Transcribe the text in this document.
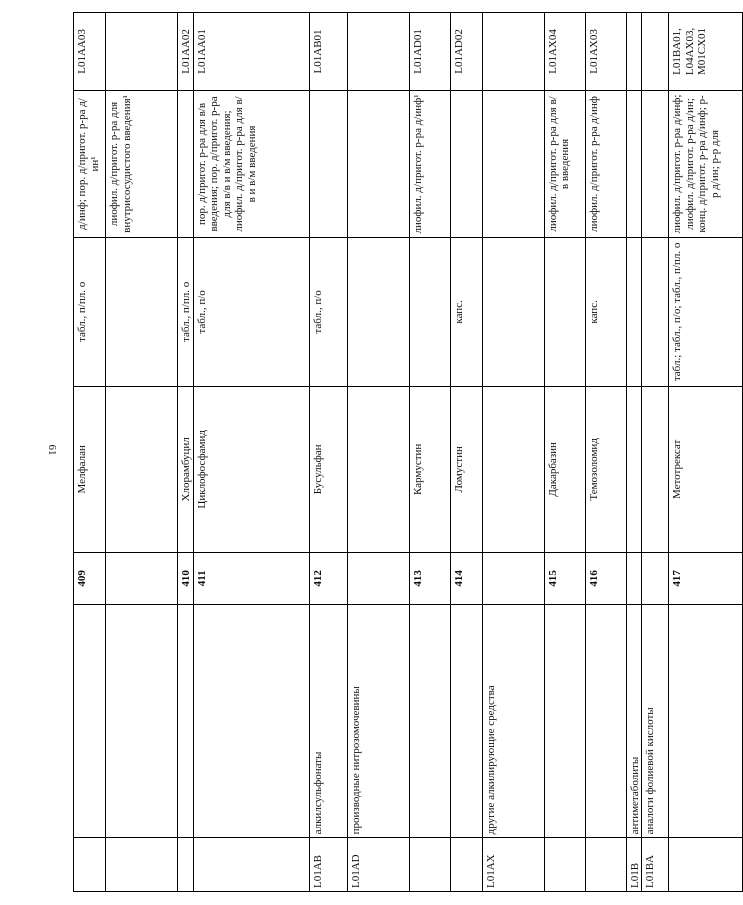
61
		409	Мелфалан	табл., п/пл. о	д/инф; пор. д/пригот. р-ра д/ин¹	L01AA03
					лиофил. д/пригот. р-ра для внутрисосудистого введения¹	
		410	Хлорамбуцил	табл., п/пл. о		L01AA02
		411	Циклофосфамид	табл., п/о	пор. д/пригот. р-ра для в/в введения; пор. д/пригот. р-ра для в/в и в/м введения; лиофил. д/пригот. р-ра для в/в и в/м введения	L01AA01
L01AB	алкилсульфонаты	412	Бусульфан	табл., п/о		L01AB01
L01AD	производные нитрозомочевины					
		413	Кармустин		лиофил. д/пригот. р-ра д/инф¹	L01AD01
		414	Ломустин	капс.		L01AD02
L01AX	другие алкилирующие средства					
		415	Дакарбазин		лиофил. д/пригот. р-ра для в/в введения	L01AX04
		416	Темозоломид	капс.	лиофил. д/пригот. р-ра д/инф	L01AX03
L01B	антиметаболиты					
L01BA	аналоги фолиевой кислоты					
		417	Метотрексат	табл.; табл., п/о; табл., п/пл. о	лиофил. д/пригот. р-ра д/инф; лиофил. д/пригот. р-ра д/ин; конц. д/пригот. р-ра д/инф; р-р д/ин; р-р для	L01BA01, L04AX03, M01CX01
